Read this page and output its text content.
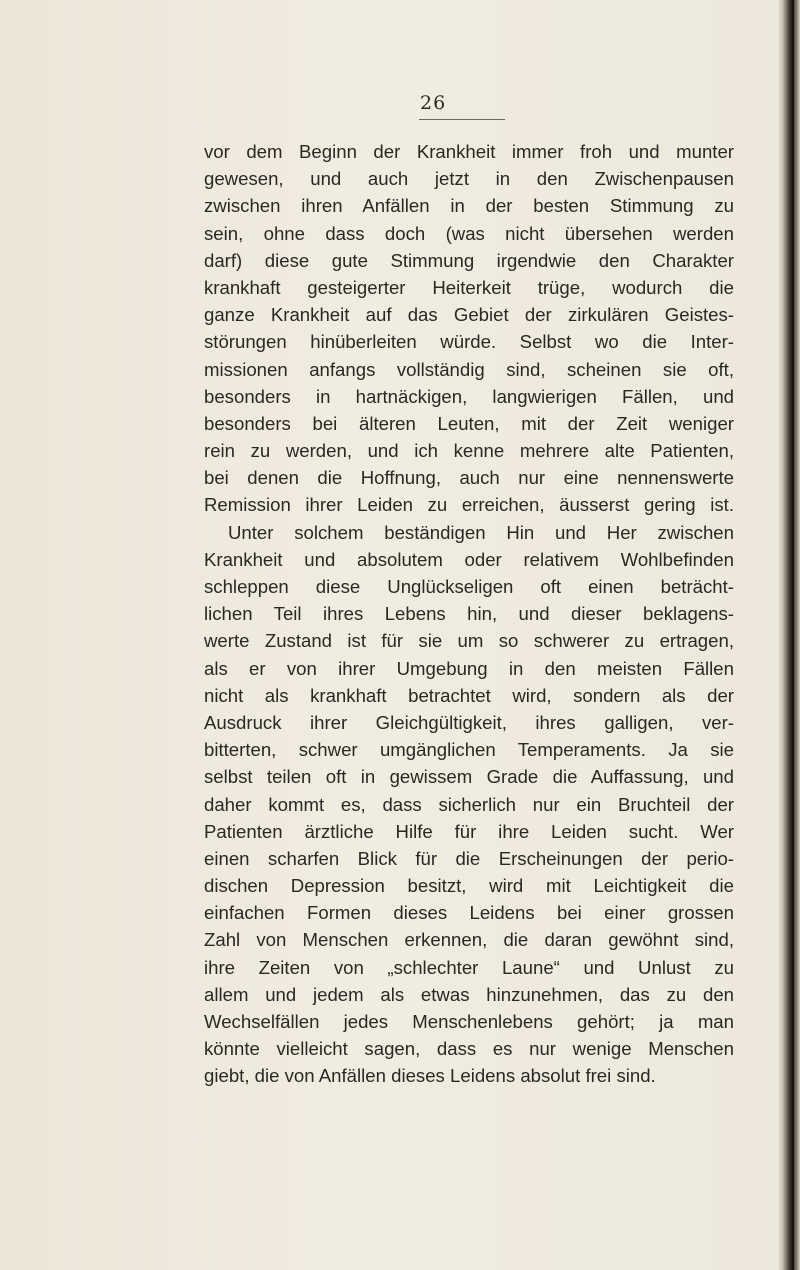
26
vor dem Beginn der Krankheit immer froh und munter
gewesen, und auch jetzt in den Zwischenpausen
zwischen ihren Anfällen in der besten Stimmung zu
sein, ohne dass doch (was nicht übersehen werden
darf) diese gute Stimmung irgendwie den Charakter
krankhaft gesteigerter Heiterkeit trüge, wodurch die
ganze Krankheit auf das Gebiet der zirkulären Geistes-
störungen hinüberleiten würde. Selbst wo die Inter-
missionen anfangs vollständig sind, scheinen sie oft,
besonders in hartnäckigen, langwierigen Fällen, und
besonders bei älteren Leuten, mit der Zeit weniger
rein zu werden, und ich kenne mehrere alte Patienten,
bei denen die Hoffnung, auch nur eine nennenswerte
Remission ihrer Leiden zu erreichen, äusserst gering ist.
Unter solchem beständigen Hin und Her zwischen
Krankheit und absolutem oder relativem Wohlbefinden
schleppen diese Unglückseligen oft einen beträcht-
lichen Teil ihres Lebens hin, und dieser beklagens-
werte Zustand ist für sie um so schwerer zu ertragen,
als er von ihrer Umgebung in den meisten Fällen
nicht als krankhaft betrachtet wird, sondern als der
Ausdruck ihrer Gleichgültigkeit, ihres galligen, ver-
bitterten, schwer umgänglichen Temperaments. Ja sie
selbst teilen oft in gewissem Grade die Auffassung, und
daher kommt es, dass sicherlich nur ein Bruchteil der
Patienten ärztliche Hilfe für ihre Leiden sucht. Wer
einen scharfen Blick für die Erscheinungen der perio-
dischen Depression besitzt, wird mit Leichtigkeit die
einfachen Formen dieses Leidens bei einer grossen
Zahl von Menschen erkennen, die daran gewöhnt sind,
ihre Zeiten von „schlechter Laune“ und Unlust zu
allem und jedem als etwas hinzunehmen, das zu den
Wechselfällen jedes Menschenlebens gehört; ja man
könnte vielleicht sagen, dass es nur wenige Menschen
giebt, die von Anfällen dieses Leidens absolut frei sind.
